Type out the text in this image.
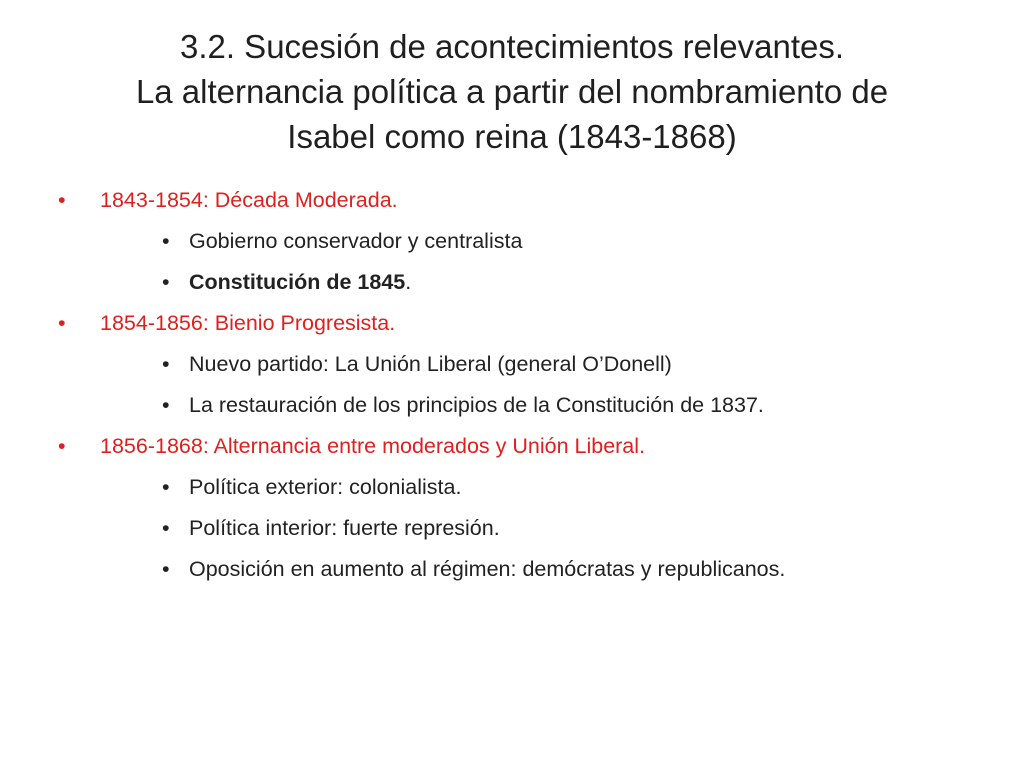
3.2. Sucesión de acontecimientos relevantes.
La alternancia política a partir del nombramiento de
Isabel como reina (1843-1868)
• 1843-1854: Década Moderada.
• Gobierno conservador y centralista
• Constitución de 1845.
• 1854-1856: Bienio Progresista.
• Nuevo partido: La Unión Liberal (general O’Donell)
• La restauración de los principios de la Constitución de 1837.
• 1856-1868: Alternancia entre moderados y Unión Liberal.
• Política exterior: colonialista.
• Política interior: fuerte represión.
• Oposición en aumento al régimen: demócratas y republicanos.
